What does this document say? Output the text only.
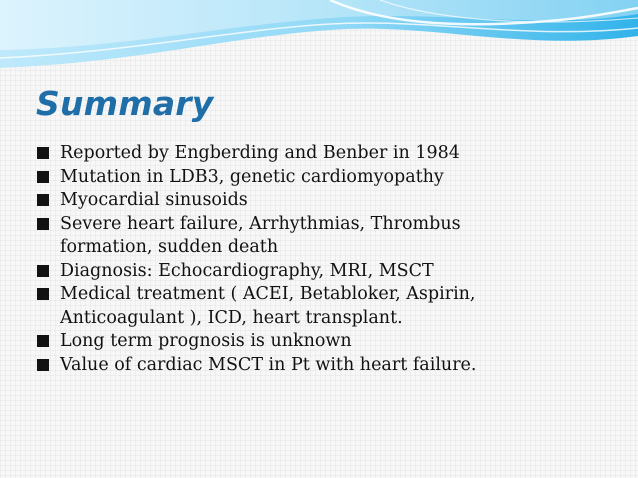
Summary
Reported by Engberding and Benber in 1984
Mutation in LDB3, genetic cardiomyopathy
Myocardial sinusoids
Severe heart failure, Arrhythmias, Thrombus
formation, sudden death
Diagnosis: Echocardiography, MRI, MSCT
Medical treatment ( ACEI, Betabloker, Aspirin,
Anticoagulant ), ICD, heart transplant.
Long term prognosis is unknown
Value of cardiac MSCT in Pt with heart failure.
